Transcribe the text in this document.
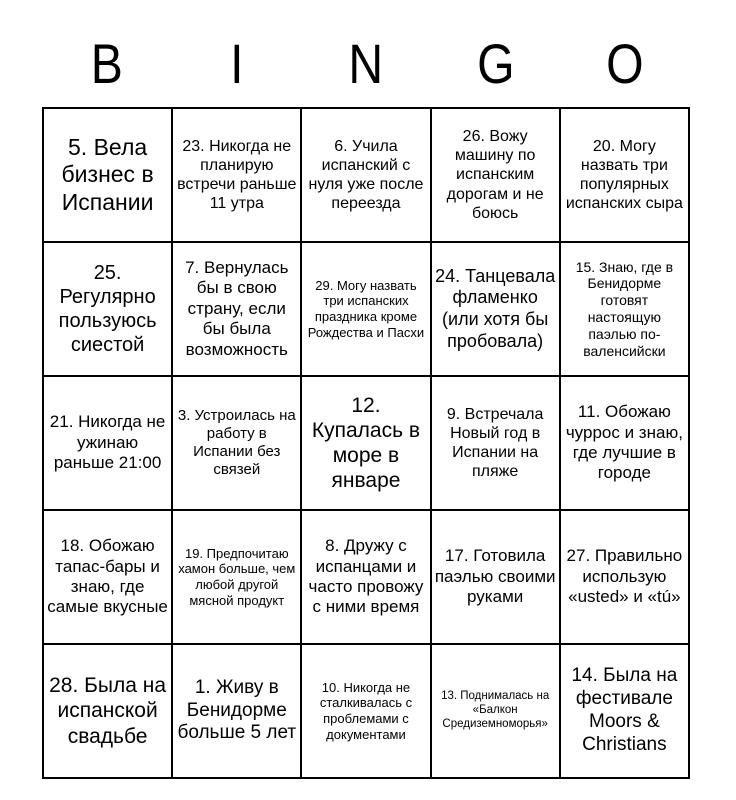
B	I	N	G	O
5. Вела бизнес в Испании	23. Никогда не планирую встречи раньше 11 утра	6. Учила испанский с нуля уже после переезда	26. Вожу машину по испанским дорогам и не боюсь	20. Могу назвать три популярных испанских сыра
25. Регулярно пользуюсь сиестой	7. Вернулась бы в свою страну, если бы была возможность	29. Могу назвать три испанских праздника кроме Рождества и Пасхи	24. Танцевала фламенко (или хотя бы пробовала)	15. Знаю, где в Бенидорме готовят настоящую паэлью по-валенсийски
21. Никогда не ужинаю раньше 21:00	3. Устроилась на работу в Испании без связей	12. Купалась в море в январе	9. Встречала Новый год в Испании на пляже	11. Обожаю чуррос и знаю, где лучшие в городе
18. Обожаю тапас-бары и знаю, где самые вкусные	19. Предпочитаю хамон больше, чем любой другой мясной продукт	8. Дружу с испанцами и часто провожу с ними время	17. Готовила паэлью своими руками	27. Правильно использую «usted» и «tú»
28. Была на испанской свадьбе	1. Живу в Бенидорме больше 5 лет	10. Никогда не сталкивалась с проблемами с документами	13. Поднималась на «Балкон Средиземноморья»	14. Была на фестивале Moors & Christians
